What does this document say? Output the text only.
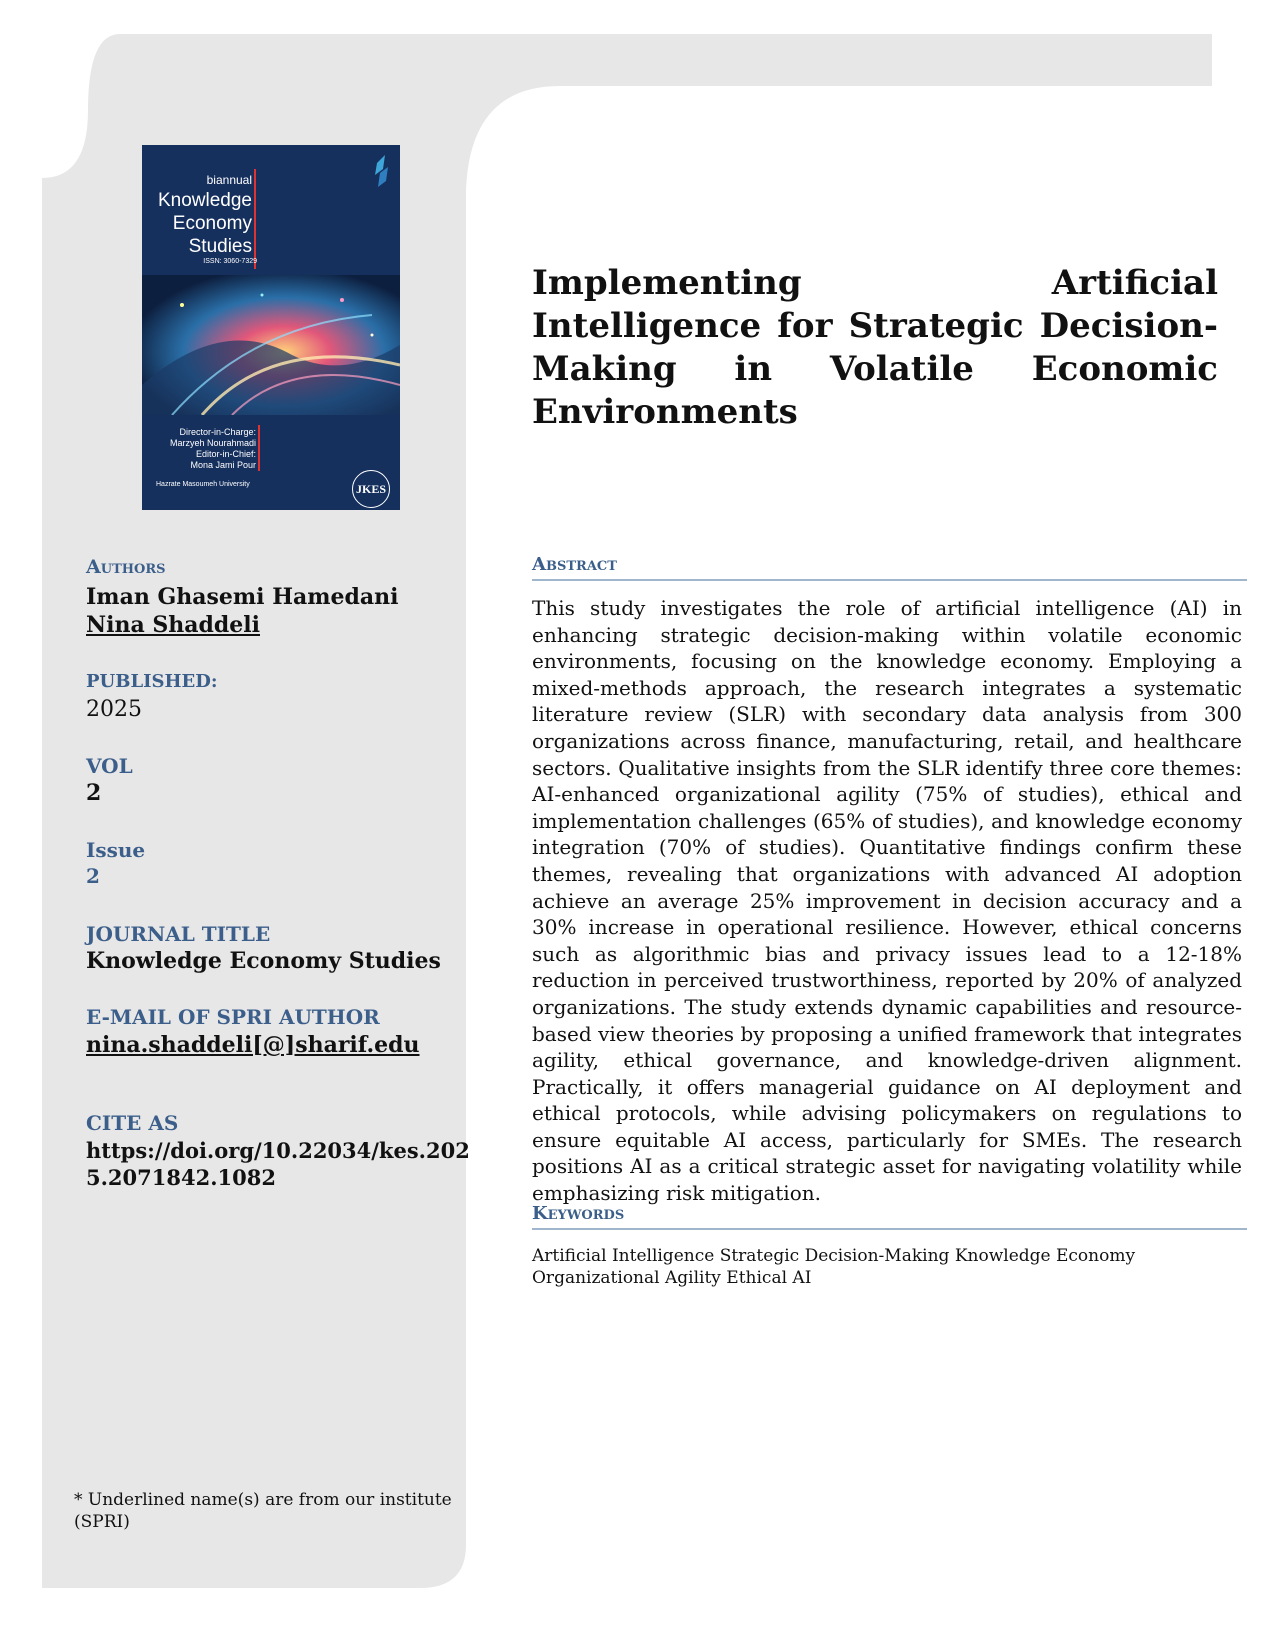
biannual
Knowledge
Economy
Studies
ISSN: 3060-7329
Director-in-Charge:
Marzyeh Nourahmadi
Editor-in-Chief:
Mona Jami Pour
Hazrate Masoumeh University	JKES
Implementing Artificial Intelligence for Strategic Decision-Making in Volatile Economic Environments
Authors
Iman Ghasemi Hamedani
Nina Shaddeli
PUBLISHED:
2025
VOL
2
Issue
2
JOURNAL TITLE
Knowledge Economy Studies
E-MAIL OF SPRI AUTHOR
nina.shaddeli[@]sharif.edu
CITE AS
https://doi.org/10.22034/kes.202
5.2071842.1082
Abstract
This study investigates the role of artificial intelligence (AI) in enhancing strategic decision-making within volatile economic environments, focusing on the knowledge economy. Employing a mixed-methods approach, the research integrates a systematic literature review (SLR) with secondary data analysis from 300 organizations across finance, manufacturing, retail, and healthcare sectors. Qualitative insights from the SLR identify three core themes: AI-enhanced organizational agility (75% of studies), ethical and implementation challenges (65% of studies), and knowledge economy integration (70% of studies). Quantitative findings confirm these themes, revealing that organizations with advanced AI adoption achieve an average 25% improvement in decision accuracy and a 30% increase in operational resilience. However, ethical concerns such as algorithmic bias and privacy issues lead to a 12-18% reduction in perceived trustworthiness, reported by 20% of analyzed organizations. The study extends dynamic capabilities and resource-based view theories by proposing a unified framework that integrates agility, ethical governance, and knowledge-driven alignment. Practically, it offers managerial guidance on AI deployment and ethical protocols, while advising policymakers on regulations to ensure equitable AI access, particularly for SMEs. The research positions AI as a critical strategic asset for navigating volatility while emphasizing risk mitigation.
Keywords
Artificial Intelligence Strategic Decision-Making Knowledge Economy Organizational Agility Ethical AI
* Underlined name(s) are from our institute (SPRI)
